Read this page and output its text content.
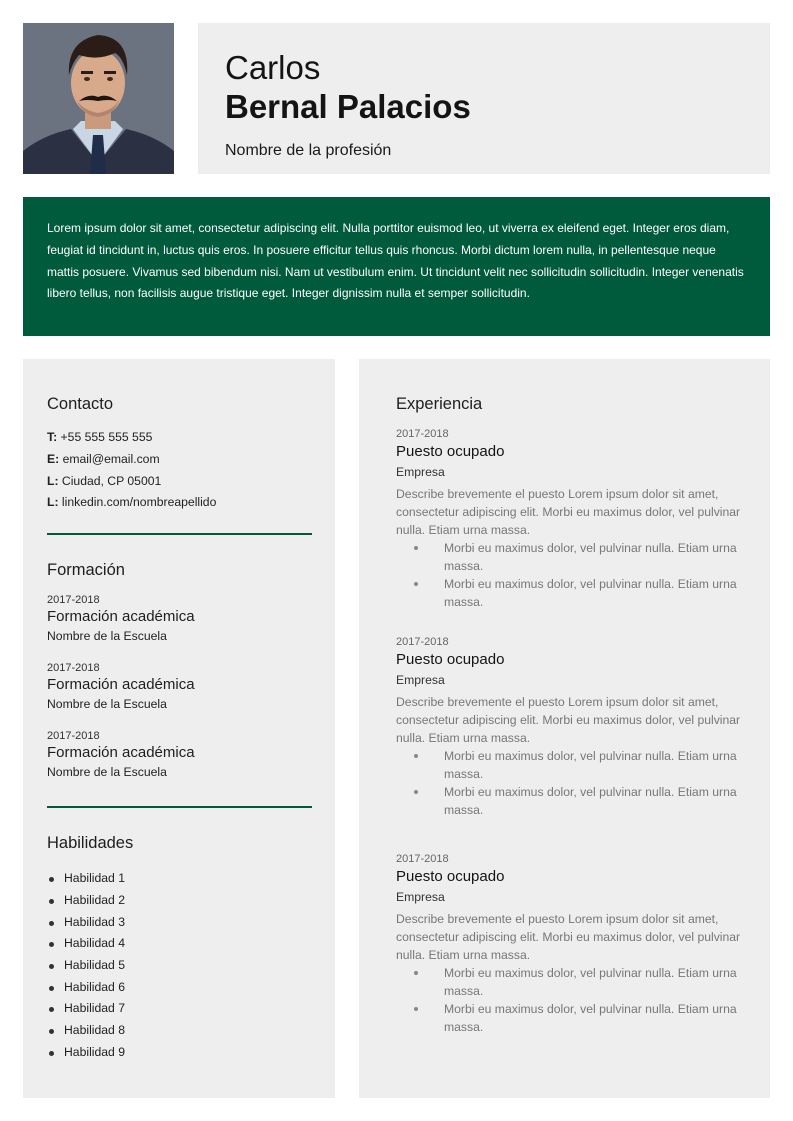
Carlos
Bernal Palacios
Nombre de la profesión

Lorem ipsum dolor sit amet, consectetur adipiscing elit. Nulla porttitor euismod leo, ut viverra ex eleifend eget. Integer eros diam, feugiat id tincidunt in, luctus quis eros. In posuere efficitur tellus quis rhoncus. Morbi dictum lorem nulla, in pellentesque neque mattis posuere. Vivamus sed bibendum nisi. Nam ut vestibulum enim. Ut tincidunt velit nec sollicitudin sollicitudin. Integer venenatis libero tellus, non facilisis augue tristique eget. Integer dignissim nulla et semper sollicitudin.

Contacto
T: +55 555 555 555
E: email@email.com
L: Ciudad, CP 05001
L: linkedin.com/nombreapellido
Formación
2017-2018
Formación académica
Nombre de la Escuela
2017-2018
Formación académica
Nombre de la Escuela
2017-2018
Formación académica
Nombre de la Escuela
Habilidades
Habilidad 1
Habilidad 2
Habilidad 3
Habilidad 4
Habilidad 5
Habilidad 6
Habilidad 7
Habilidad 8
Habilidad 9
Experiencia
2017-2018
Puesto ocupado
Empresa
Describe brevemente el puesto Lorem ipsum dolor sit amet, consectetur adipiscing elit. Morbi eu maximus dolor, vel pulvinar nulla. Etiam urna massa.
Morbi eu maximus dolor, vel pulvinar nulla. Etiam urna massa.
Morbi eu maximus dolor, vel pulvinar nulla. Etiam urna massa.
2017-2018
Puesto ocupado
Empresa
Describe brevemente el puesto Lorem ipsum dolor sit amet, consectetur adipiscing elit. Morbi eu maximus dolor, vel pulvinar nulla. Etiam urna massa.
Morbi eu maximus dolor, vel pulvinar nulla. Etiam urna massa.
Morbi eu maximus dolor, vel pulvinar nulla. Etiam urna massa.
2017-2018
Puesto ocupado
Empresa
Describe brevemente el puesto Lorem ipsum dolor sit amet, consectetur adipiscing elit. Morbi eu maximus dolor, vel pulvinar nulla. Etiam urna massa.
Morbi eu maximus dolor, vel pulvinar nulla. Etiam urna massa.
Morbi eu maximus dolor, vel pulvinar nulla. Etiam urna massa.
